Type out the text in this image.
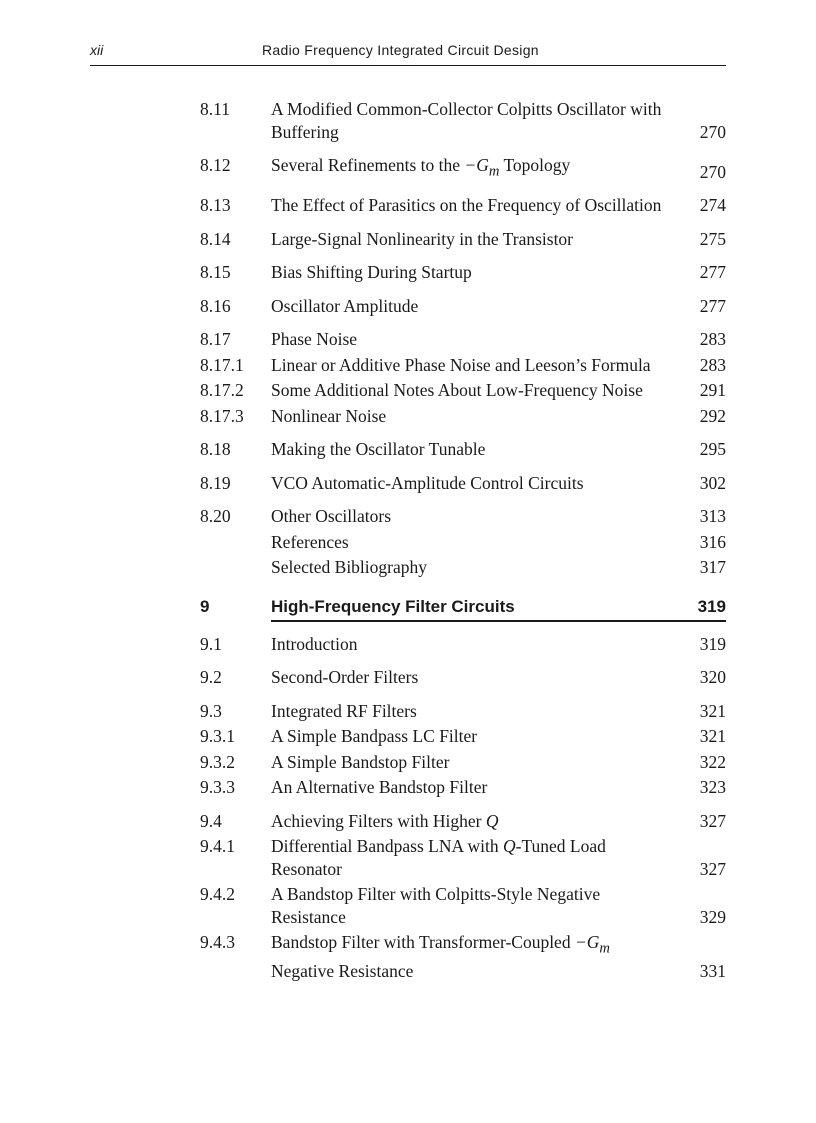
xii	Radio Frequency Integrated Circuit Design
8.11 A Modified Common-Collector Colpitts Oscillator with Buffering	270
8.12 Several Refinements to the $-G_m$ Topology	270
8.13 The Effect of Parasitics on the Frequency of Oscillation	274
8.14 Large-Signal Nonlinearity in the Transistor	275
8.15 Bias Shifting During Startup	277
8.16 Oscillator Amplitude	277
8.17 Phase Noise	283
8.17.1 Linear or Additive Phase Noise and Leeson’s Formula	283
8.17.2 Some Additional Notes About Low-Frequency Noise	291
8.17.3 Nonlinear Noise	292
8.18 Making the Oscillator Tunable	295
8.19 VCO Automatic-Amplitude Control Circuits	302
8.20 Other Oscillators	313
References	316
Selected Bibliography	317
9	High-Frequency Filter Circuits	319
9.1	Introduction	319
9.2	Second-Order Filters	320
9.3	Integrated RF Filters	321
9.3.1 A Simple Bandpass LC Filter	321
9.3.2 A Simple Bandstop Filter	322
9.3.3 An Alternative Bandstop Filter	323
9.4	Achieving Filters with Higher Q	327
9.4.1 Differential Bandpass LNA with Q-Tuned Load Resonator	327
9.4.2 A Bandstop Filter with Colpitts-Style Negative Resistance	329
9.4.3 Bandstop Filter with Transformer-Coupled $-G_m$ Negative Resistance	331
